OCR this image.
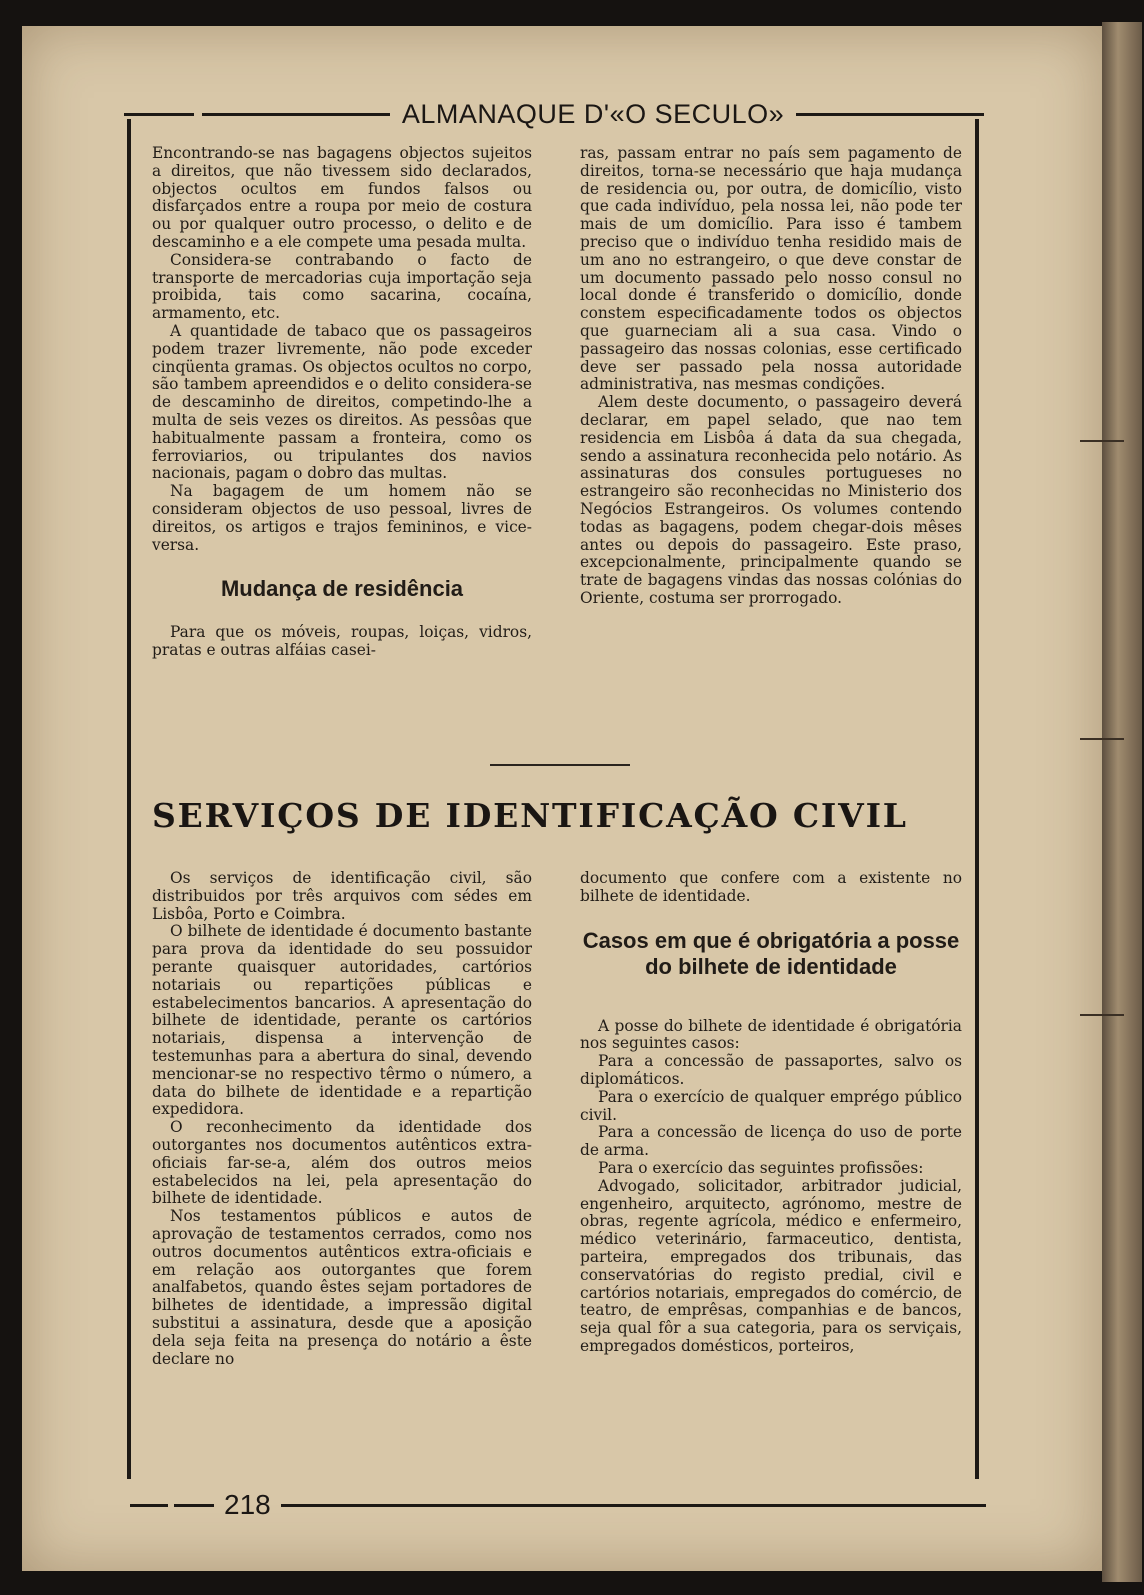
ALMANAQUE D'«O SECULO»

Encontrando-se nas bagagens objectos sujeitos a direitos, que não tivessem sido declarados, objectos ocultos em fundos falsos ou disfarçados entre a roupa por meio de costura ou por qualquer outro processo, o delito e de descaminho e a ele compete uma pesada multa.

Considera-se contrabando o facto de transporte de mercadorias cuja importação seja proibida, tais como sacarina, cocaína, armamento, etc.

A quantidade de tabaco que os passageiros podem trazer livremente, não pode exceder cinqüenta gramas. Os objectos ocultos no corpo, são tambem apreendidos e o delito considera-se de descaminho de direitos, competindo-lhe a multa de seis vezes os direitos. As pessôas que habitualmente passam a fronteira, como os ferroviarios, ou tripulantes dos navios nacionais, pagam o dobro das multas.

Na bagagem de um homem não se consideram objectos de uso pessoal, livres de direitos, os artigos e trajos femininos, e vice-versa.

Mudança de residência

Para que os móveis, roupas, loiças, vidros, pratas e outras alfáias casei-

ras, passam entrar no país sem pagamento de direitos, torna-se necessário que haja mudança de residencia ou, por outra, de domicílio, visto que cada indivíduo, pela nossa lei, não pode ter mais de um domicílio. Para isso é tambem preciso que o indivíduo tenha residido mais de um ano no estrangeiro, o que deve constar de um documento passado pelo nosso consul no local donde é transferido o domicílio, donde constem especificadamente todos os objectos que guarneciam ali a sua casa. Vindo o passageiro das nossas colonias, esse certificado deve ser passado pela nossa autoridade administrativa, nas mesmas condições.

Alem deste documento, o passageiro deverá declarar, em papel selado, que nao tem residencia em Lisbôa á data da sua chegada, sendo a assinatura reconhecida pelo notário. As assinaturas dos consules portugueses no estrangeiro são reconhecidas no Ministerio dos Negócios Estrangeiros. Os volumes contendo todas as bagagens, podem chegar-dois mêses antes ou depois do passageiro. Este praso, excepcionalmente, principalmente quando se trate de bagagens vindas das nossas colónias do Oriente, costuma ser prorrogado.

SERVIÇOS DE IDENTIFICAÇÃO CIVIL

Os serviços de identificação civil, são distribuidos por três arquivos com sédes em Lisbôa, Porto e Coimbra.

O bilhete de identidade é documento bastante para prova da identidade do seu possuidor perante quaisquer autoridades, cartórios notariais ou repartições públicas e estabelecimentos bancarios. A apresentação do bilhete de identidade, perante os cartórios notariais, dispensa a intervenção de testemunhas para a abertura do sinal, devendo mencionar-se no respectivo têrmo o número, a data do bilhete de identidade e a repartição expedidora.

O reconhecimento da identidade dos outorgantes nos documentos autênticos extra-oficiais far-se-a, além dos outros meios estabelecidos na lei, pela apresentação do bilhete de identidade.

Nos testamentos públicos e autos de aprovação de testamentos cerrados, como nos outros documentos autênticos extra-oficiais e em relação aos outorgantes que forem analfabetos, quando êstes sejam portadores de bilhetes de identidade, a impressão digital substitui a assinatura, desde que a aposição dela seja feita na presença do notário a êste declare no

documento que confere com a existente no bilhete de identidade.

Casos em que é obrigatória a posse do bilhete de identidade

A posse do bilhete de identidade é obrigatória nos seguintes casos:

Para a concessão de passaportes, salvo os diplomáticos.

Para o exercício de qualquer emprégo público civil.

Para a concessão de licença do uso de porte de arma.

Para o exercício das seguintes profissões:

Advogado, solicitador, arbitrador judicial, engenheiro, arquitecto, agrónomo, mestre de obras, regente agrícola, médico e enfermeiro, médico veterinário, farmaceutico, dentista, parteira, empregados dos tribunais, das conservatórias do registo predial, civil e cartórios notariais, empregados do comércio, de teatro, de emprêsas, companhias e de bancos, seja qual fôr a sua categoria, para os serviçais, empregados domésticos, porteiros,

218
